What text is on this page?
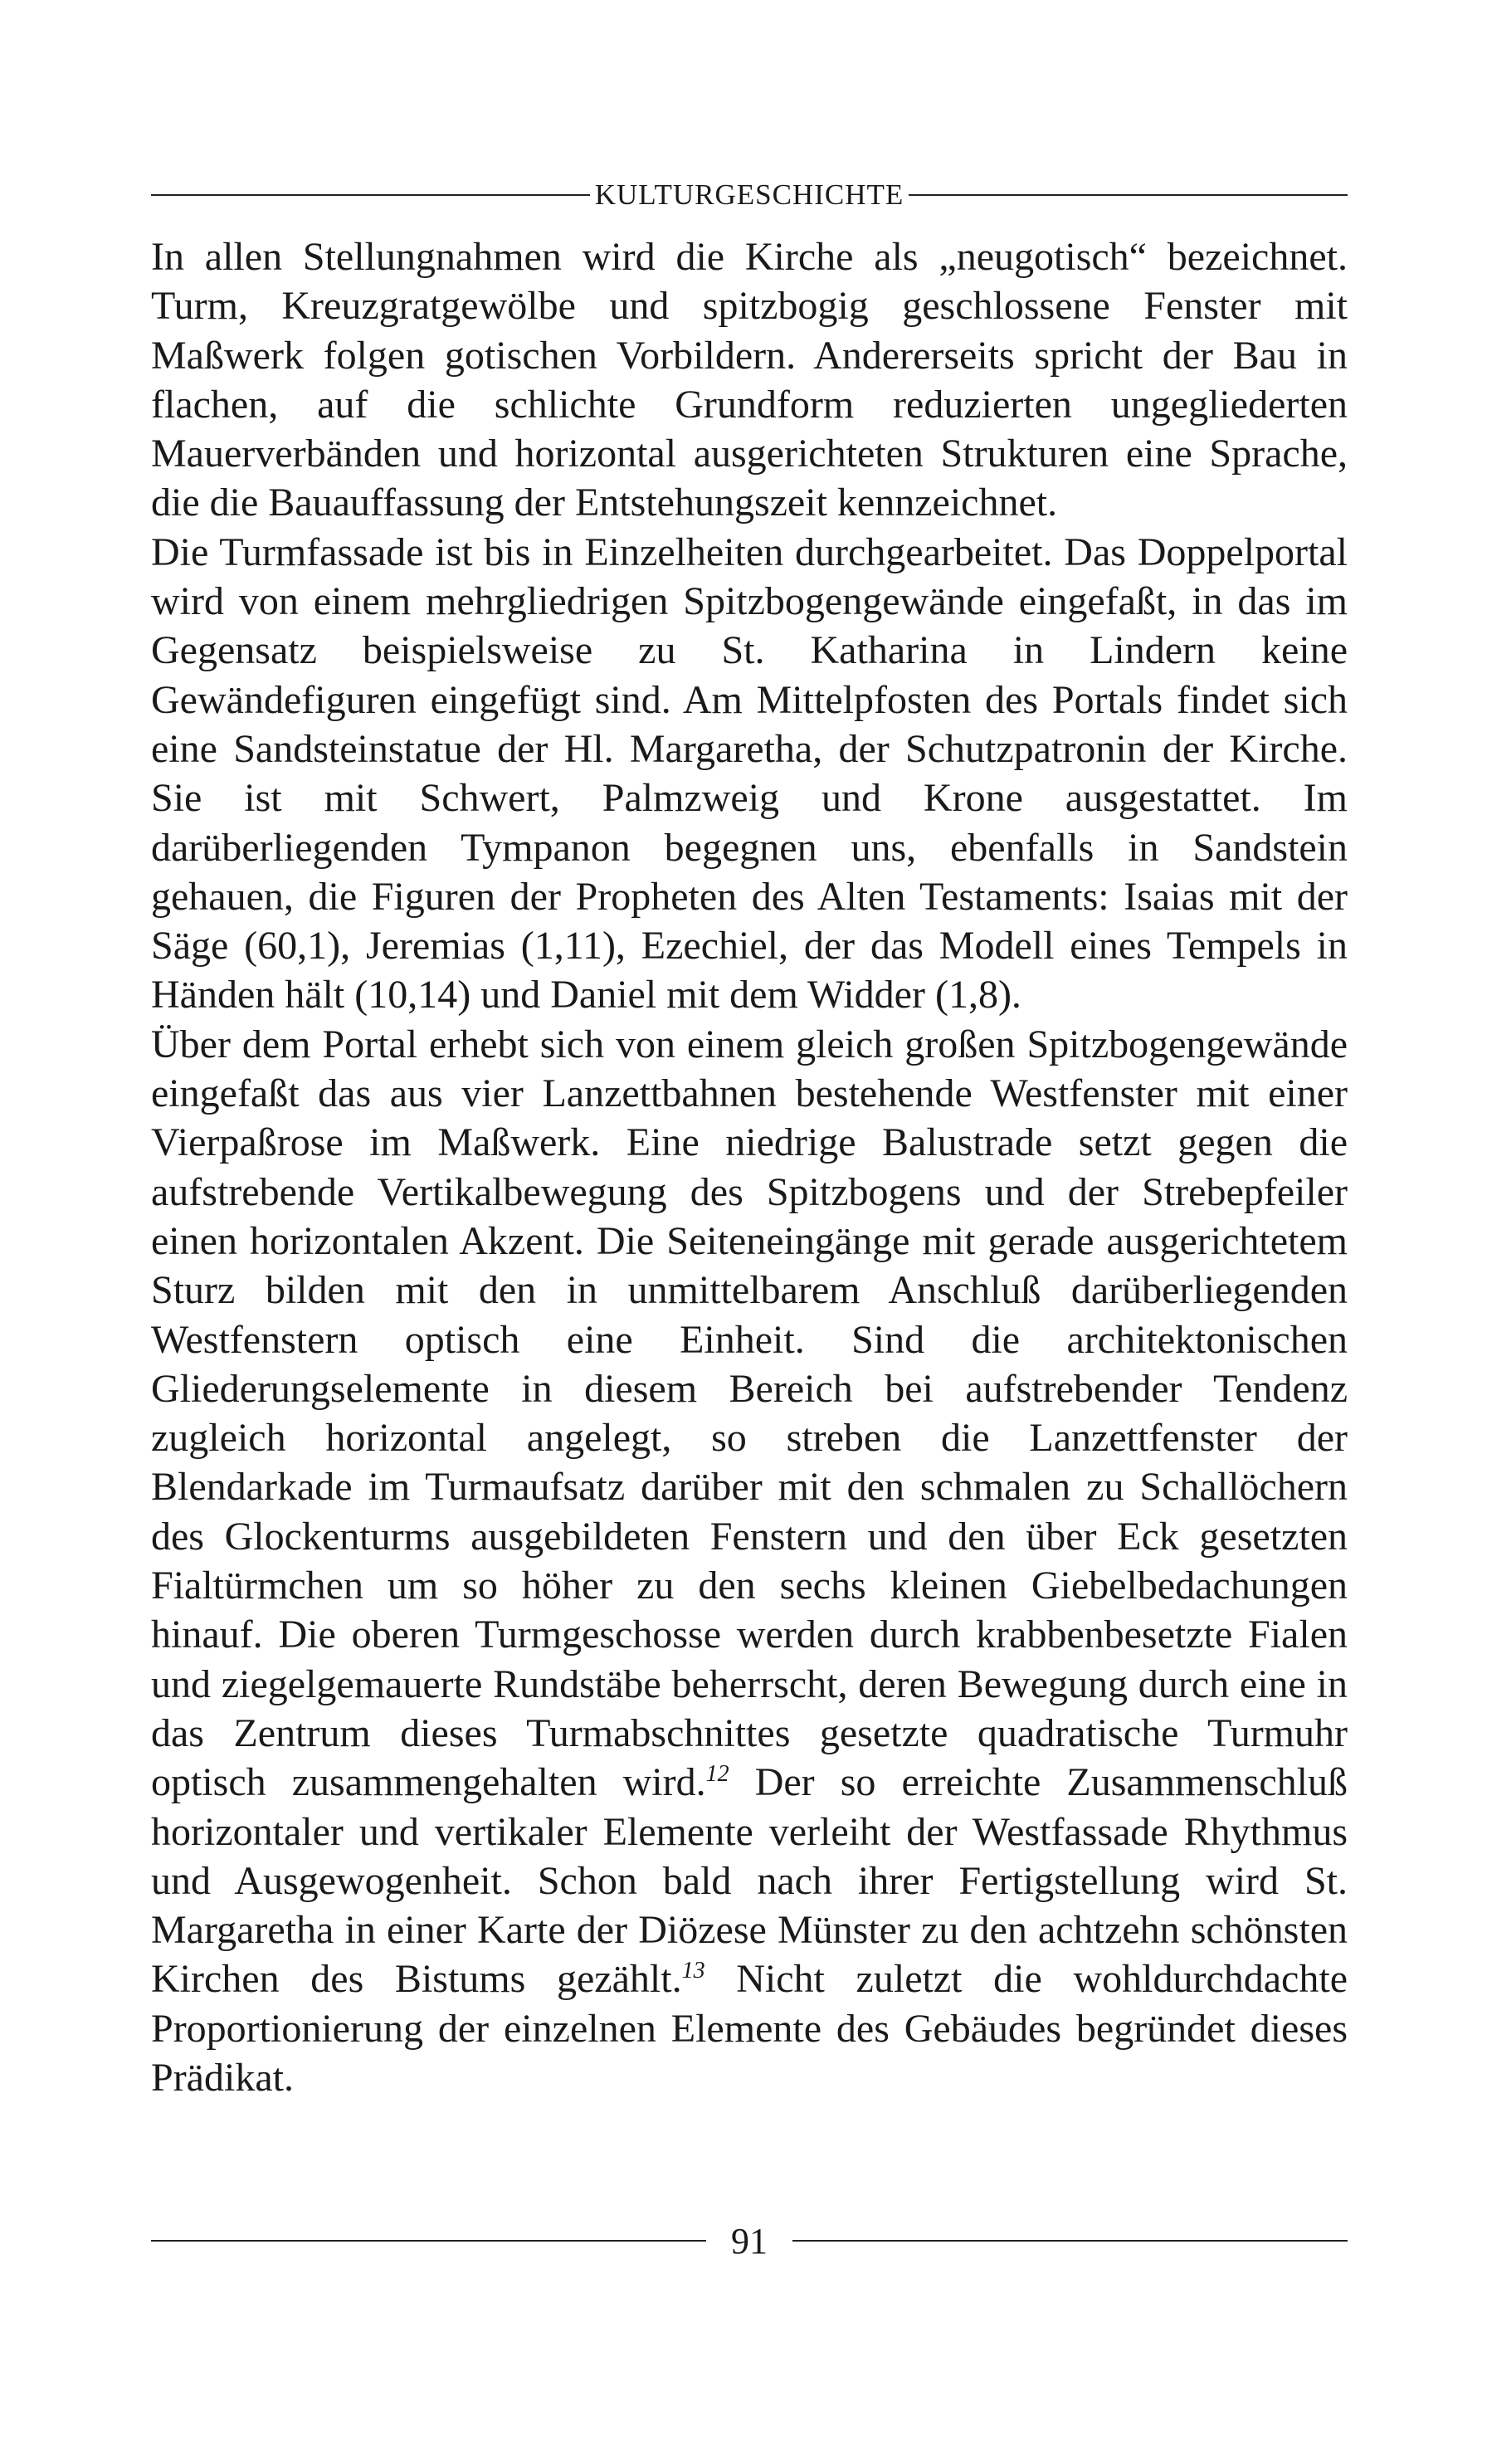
KULTURGESCHICHTE

In allen Stellungnahmen wird die Kirche als „neugotisch“ bezeichnet. Turm, Kreuzgratgewölbe und spitzbogig geschlossene Fenster mit Maßwerk folgen gotischen Vorbildern. Andererseits spricht der Bau in flachen, auf die schlichte Grundform reduzierten ungegliederten Mauerverbänden und horizontal ausgerichteten Strukturen eine Sprache, die die Bauauffassung der Entstehungszeit kennzeichnet.

Die Turmfassade ist bis in Einzelheiten durchgearbeitet. Das Doppelportal wird von einem mehrgliedrigen Spitzbogengewände eingefaßt, in das im Gegensatz beispielsweise zu St. Katharina in Lindern keine Gewändefiguren eingefügt sind. Am Mittelpfosten des Portals findet sich eine Sandsteinstatue der Hl. Margaretha, der Schutzpatronin der Kirche. Sie ist mit Schwert, Palmzweig und Krone ausgestattet. Im darüberliegenden Tympanon begegnen uns, ebenfalls in Sandstein gehauen, die Figuren der Propheten des Alten Testaments: Isaias mit der Säge (60,1), Jeremias (1,11), Ezechiel, der das Modell eines Tempels in Händen hält (10,14) und Daniel mit dem Widder (1,8).

Über dem Portal erhebt sich von einem gleich großen Spitzbogengewände eingefaßt das aus vier Lanzettbahnen bestehende Westfenster mit einer Vierpaßrose im Maßwerk. Eine niedrige Balustrade setzt gegen die aufstrebende Vertikalbewegung des Spitzbogens und der Strebepfeiler einen horizontalen Akzent. Die Seiteneingänge mit gerade ausgerichtetem Sturz bilden mit den in unmittelbarem Anschluß darüberliegenden Westfenstern optisch eine Einheit. Sind die architektonischen Gliederungselemente in diesem Bereich bei aufstrebender Tendenz zugleich horizontal angelegt, so streben die Lanzettfenster der Blendarkade im Turmaufsatz darüber mit den schmalen zu Schallöchern des Glockenturms ausgebildeten Fenstern und den über Eck gesetzten Fialtürmchen um so höher zu den sechs kleinen Giebelbedachungen hinauf. Die oberen Turmgeschosse werden durch krabbenbesetzte Fialen und ziegelgemauerte Rundstäbe beherrscht, deren Bewegung durch eine in das Zentrum dieses Turmabschnittes gesetzte quadratische Turmuhr optisch zusammengehalten wird.$^{12}$ Der so erreichte Zusammenschluß horizontaler und vertikaler Elemente verleiht der Westfassade Rhythmus und Ausgewogenheit. Schon bald nach ihrer Fertigstellung wird St. Margaretha in einer Karte der Diözese Münster zu den achtzehn schönsten Kirchen des Bistums gezählt.$^{13}$ Nicht zuletzt die wohldurchdachte Proportionierung der einzelnen Elemente des Gebäudes begründet dieses Prädikat.

91
